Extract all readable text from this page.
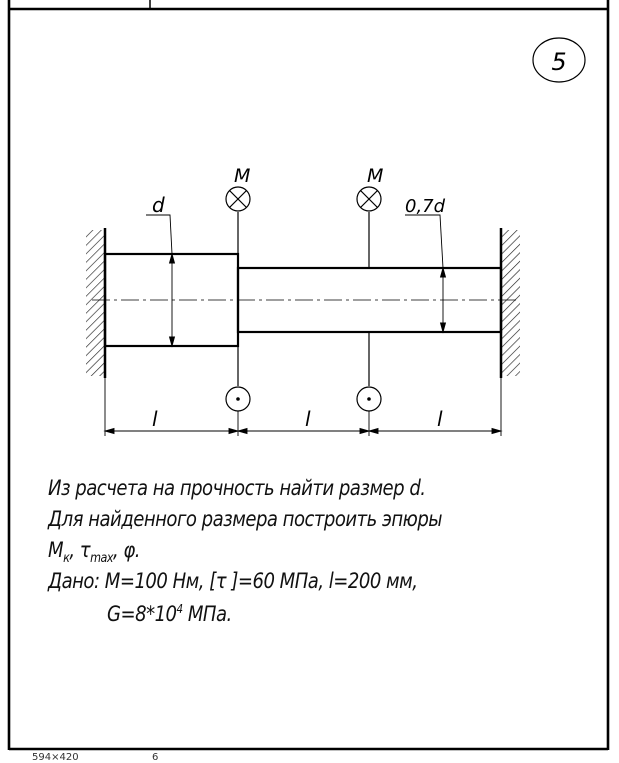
5
d	0,7d
M	M
l	l	l
Из расчета на прочность найти размер d.
Для найденного размера построить эпюры
$M_к$, $\tau_{max}$, φ.
Дано: M=100 Нм, [τ ]=60 МПа, l=200 мм,
$G=8*10^4$ МПа.
594×420	6
